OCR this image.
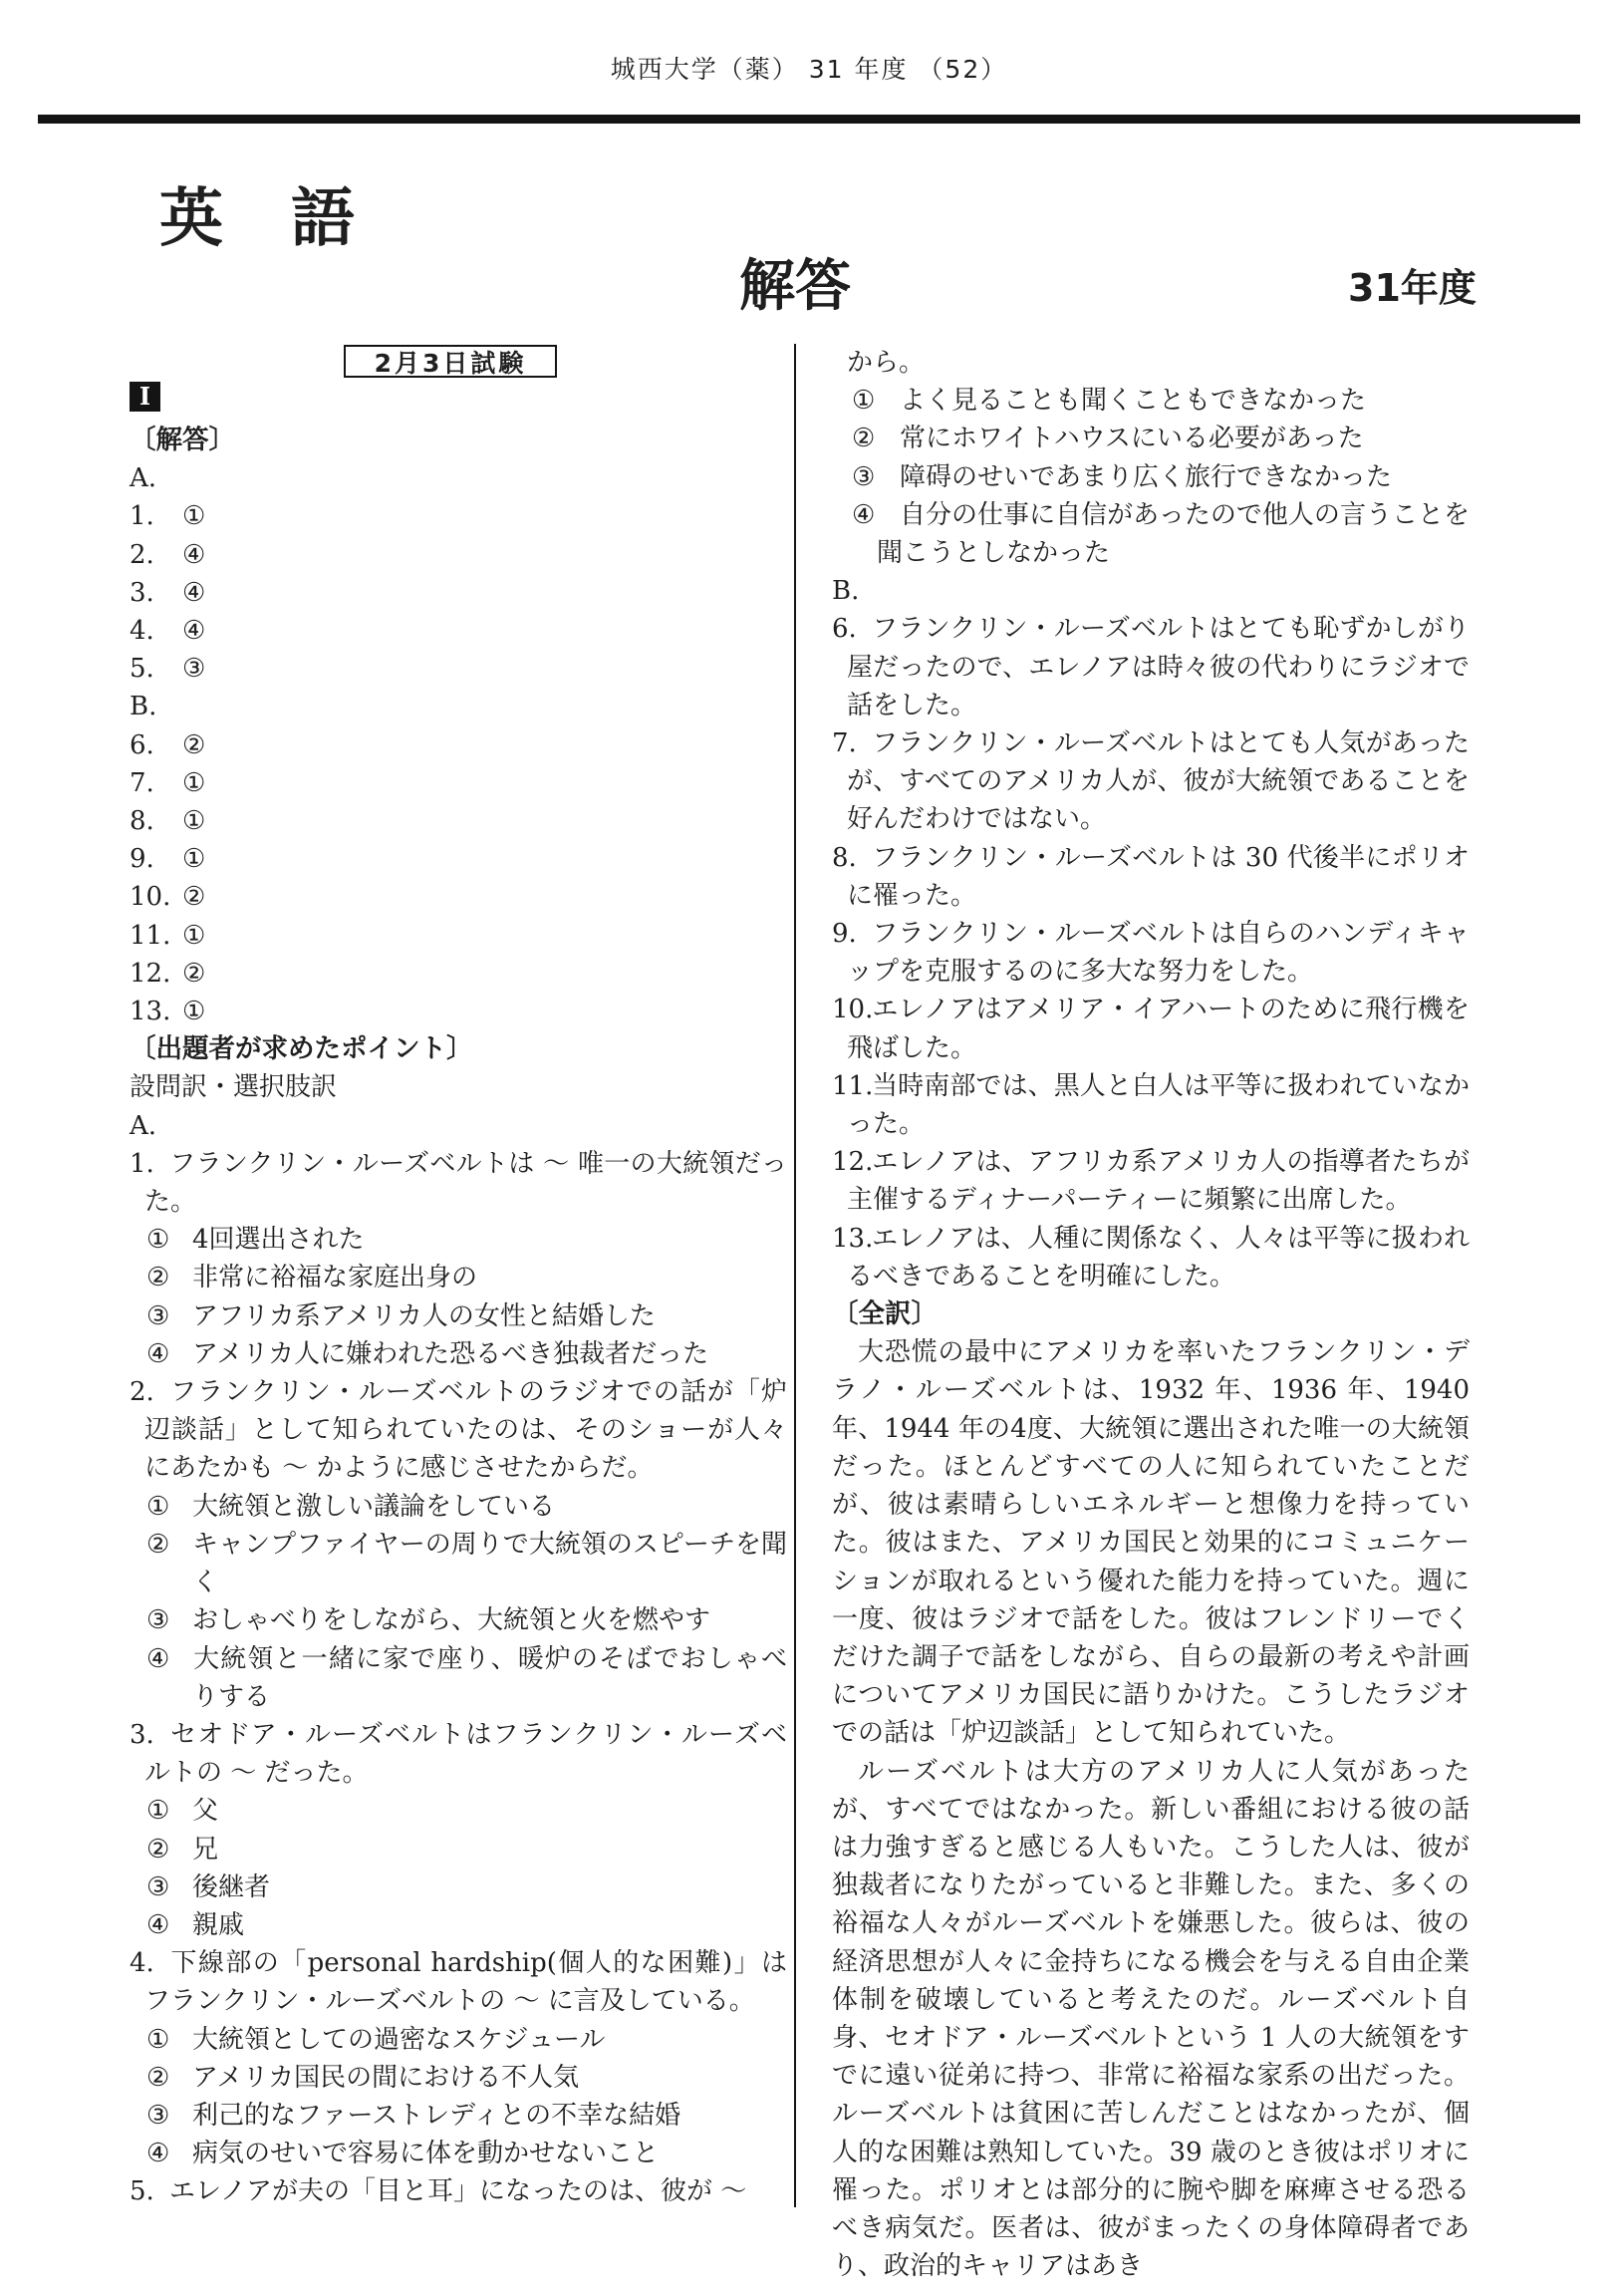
城西大学（薬） 31 年度 （52）
英　語
解答	31年度
2月3日試験
I
〔解答〕
A.
1. ①
2. ④
3. ④
4. ④
5. ③
B.
6. ②
7. ①
8. ①
9. ①
10. ②
11. ①
12. ②
13. ①
〔出題者が求めたポイント〕
設問訳・選択肢訳
A.
1. フランクリン・ルーズベルトは ～ 唯一の大統領だった。
① 4回選出された
② 非常に裕福な家庭出身の
③ アフリカ系アメリカ人の女性と結婚した
④ アメリカ人に嫌われた恐るべき独裁者だった
2. フランクリン・ルーズベルトのラジオでの話が「炉辺談話」として知られていたのは、そのショーが人々にあたかも ～ かように感じさせたからだ。
① 大統領と激しい議論をしている
② キャンプファイヤーの周りで大統領のスピーチを聞く
③ おしゃべりをしながら、大統領と火を燃やす
④ 大統領と一緒に家で座り、暖炉のそばでおしゃべりする
3. セオドア・ルーズベルトはフランクリン・ルーズベルトの ～ だった。
① 父
② 兄
③ 後継者
④ 親戚
4. 下線部の「personal hardship(個人的な困難)」はフランクリン・ルーズベルトの ～ に言及している。
① 大統領としての過密なスケジュール
② アメリカ国民の間における不人気
③ 利己的なファーストレディとの不幸な結婚
④ 病気のせいで容易に体を動かせないこと
5. エレノアが夫の「目と耳」になったのは、彼が ～
から。
① よく見ることも聞くこともできなかった
② 常にホワイトハウスにいる必要があった
③ 障碍のせいであまり広く旅行できなかった
④ 自分の仕事に自信があったので他人の言うことを聞こうとしなかった
B.
6. フランクリン・ルーズベルトはとても恥ずかしがり屋だったので、エレノアは時々彼の代わりにラジオで話をした。
7. フランクリン・ルーズベルトはとても人気があったが、すべてのアメリカ人が、彼が大統領であることを好んだわけではない。
8. フランクリン・ルーズベルトは 30 代後半にポリオに罹った。
9. フランクリン・ルーズベルトは自らのハンディキャップを克服するのに多大な努力をした。
10.エレノアはアメリア・イアハートのために飛行機を飛ばした。
11.当時南部では、黒人と白人は平等に扱われていなかった。
12.エレノアは、アフリカ系アメリカ人の指導者たちが主催するディナーパーティーに頻繁に出席した。
13.エレノアは、人種に関係なく、人々は平等に扱われるべきであることを明確にした。
〔全訳〕
大恐慌の最中にアメリカを率いたフランクリン・デラノ・ルーズベルトは、1932 年、1936 年、1940 年、1944 年の4度、大統領に選出された唯一の大統領だった。ほとんどすべての人に知られていたことだが、彼は素晴らしいエネルギーと想像力を持っていた。彼はまた、アメリカ国民と効果的にコミュニケーションが取れるという優れた能力を持っていた。週に一度、彼はラジオで話をした。彼はフレンドリーでくだけた調子で話をしながら、自らの最新の考えや計画についてアメリカ国民に語りかけた。こうしたラジオでの話は「炉辺談話」として知られていた。
ルーズベルトは大方のアメリカ人に人気があったが、すべてではなかった。新しい番組における彼の話は力強すぎると感じる人もいた。こうした人は、彼が独裁者になりたがっていると非難した。また、多くの裕福な人々がルーズベルトを嫌悪した。彼らは、彼の経済思想が人々に金持ちになる機会を与える自由企業体制を破壊していると考えたのだ。ルーズベルト自身、セオドア・ルーズベルトという 1 人の大統領をすでに遠い従弟に持つ、非常に裕福な家系の出だった。ルーズベルトは貧困に苦しんだことはなかったが、個人的な困難は熟知していた。39 歳のとき彼はポリオに罹った。ポリオとは部分的に腕や脚を麻痺させる恐るべき病気だ。医者は、彼がまったくの身体障碍者であり、政治的キャリアはあき
